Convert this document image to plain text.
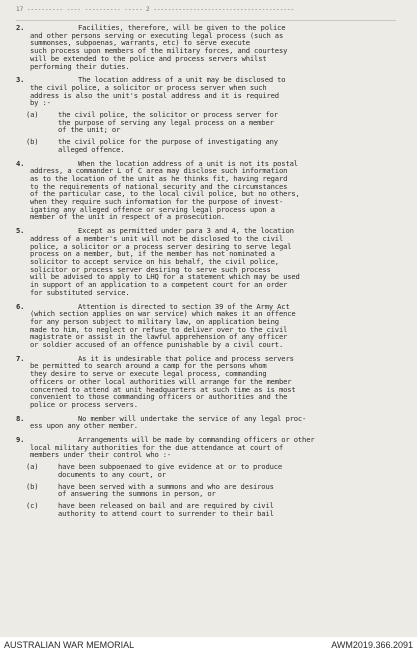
17 ---------- ---- ---------- ----- 2 ---------------------------------------
2.	Facilities, therefore, will be given to the police
and other persons serving or executing legal process (such as
summonses, subpoenas, warrants, etc) to serve execute
such process upon members of the military forces, and courtesy
will be extended to the police and process servers whilst
performing their duties.
3.	The location address of a unit may be disclosed to
the civil police, a solicitor or process server when such
address is also the unit's postal address and it is required
by :-
(a)	the civil police, the solicitor or process server for
the purpose of serving any legal process on a member
of the unit; or
(b)	the civil police for the purpose of investigating any
alleged offence.
4.	When the location address of a unit is not its postal
address, a commander L of C area may disclose such information
as to the location of the unit as he thinks fit, having regard
to the requirements of national security and the circumstances
of the particular case, to the local civil police, but no others,
when they require such information for the purpose of invest-
igating any alleged offence or serving legal process upon a
member of the unit in respect of a prosecution.
5.	Except as permitted under para 3 and 4, the location
address of a member's unit will not be disclosed to the civil
police, a solicitor or a process server desiring to serve legal
process on a member, but, if the member has not nominated a
solicitor to accept service on his behalf, the civil police,
solicitor or process server desiring to serve such process
will be advised to apply to LHQ for a statement which may be used
in support of an application to a competent court for an order
for substituted service.
6.	Attention is directed to section 39 of the Army Act
(which section applies on war service) which makes it an offence
for any person subject to military law, on application being
made to him, to neglect or refuse to deliver over to the civil
magistrate or assist in the lawful apprehension of any officer
or soldier accused of an offence punishable by a civil court.
7.	As it is undesirable that police and process servers
be permitted to search around a camp for the persons whom
they desire to serve or execute legal process, commanding
officers or other local authorities will arrange for the member
concerned to attend at unit headquarters at such time as is most
convenient to those commanding officers or authorities and the
police or process servers.
8.	No member will undertake the service of any legal proc-
ess upon any other member.
9.	Arrangements will be made by commanding officers or other
local military authorities for the due attendance at court of
members under their control who :-
(a)	have been subpoenaed to give evidence at or to produce
documents to any court, or
(b)	have been served with a summons and who are desirous
of answering the summons in person, or
(c)	have been released on bail and are required by civil
authority to attend court to surrender to their bail
AUSTRALIAN WAR MEMORIAL	AWM2019.366.2091
